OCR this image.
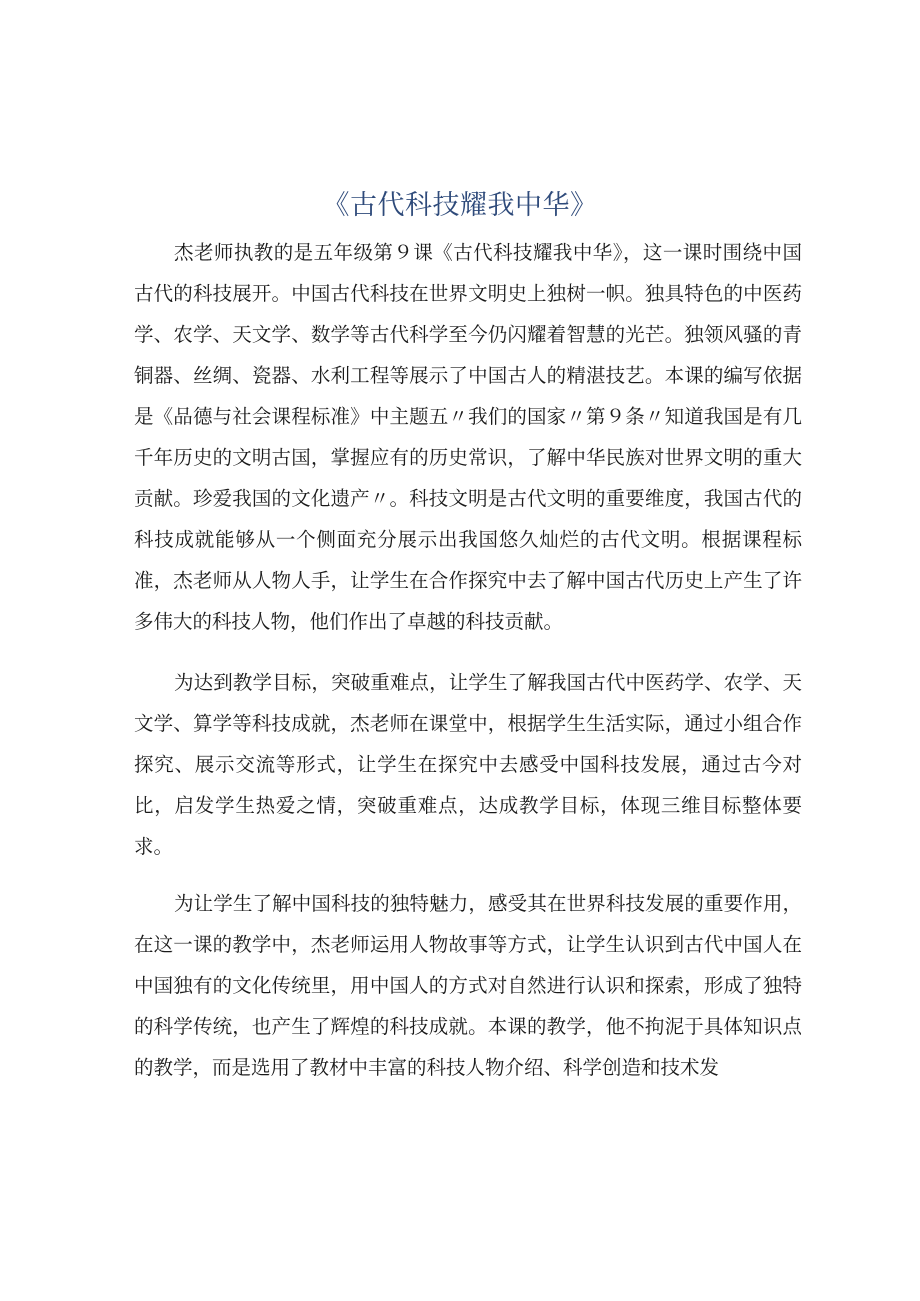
《古代科技耀我中华》

杰老师执教的是五年级第９课《古代科技耀我中华》，这一课时围绕中国古代的科技展开。中国古代科技在世界文明史上独树一帜。独具特色的中医药学、农学、天文学、数学等古代科学至今仍闪耀着智慧的光芒。独领风骚的青铜器、丝绸、瓷器、水利工程等展示了中国古人的精湛技艺。本课的编写依据是《品德与社会课程标准》中主题五〃我们的国家〃第９条〃知道我国是有几千年历史的文明古国，掌握应有的历史常识，了解中华民族对世界文明的重大贡献。珍爱我国的文化遗产〃。科技文明是古代文明的重要维度，我国古代的科技成就能够从一个侧面充分展示出我国悠久灿烂的古代文明。根据课程标准，杰老师从人物人手，让学生在合作探究中去了解中国古代历史上产生了许多伟大的科技人物，他们作出了卓越的科技贡献。

为达到教学目标，突破重难点，让学生了解我国古代中医药学、农学、天文学、算学等科技成就，杰老师在课堂中，根据学生生活实际，通过小组合作探究、展示交流等形式，让学生在探究中去感受中国科技发展，通过古今对比，启发学生热爱之情，突破重难点，达成教学目标，体现三维目标整体要求。

为让学生了解中国科技的独特魅力，感受其在世界科技发展的重要作用，在这一课的教学中，杰老师运用人物故事等方式，让学生认识到古代中国人在中国独有的文化传统里，用中国人的方式对自然进行认识和探索，形成了独特的科学传统，也产生了辉煌的科技成就。本课的教学，他不拘泥于具体知识点的教学，而是选用了教材中丰富的科技人物介绍、科学创造和技术发
